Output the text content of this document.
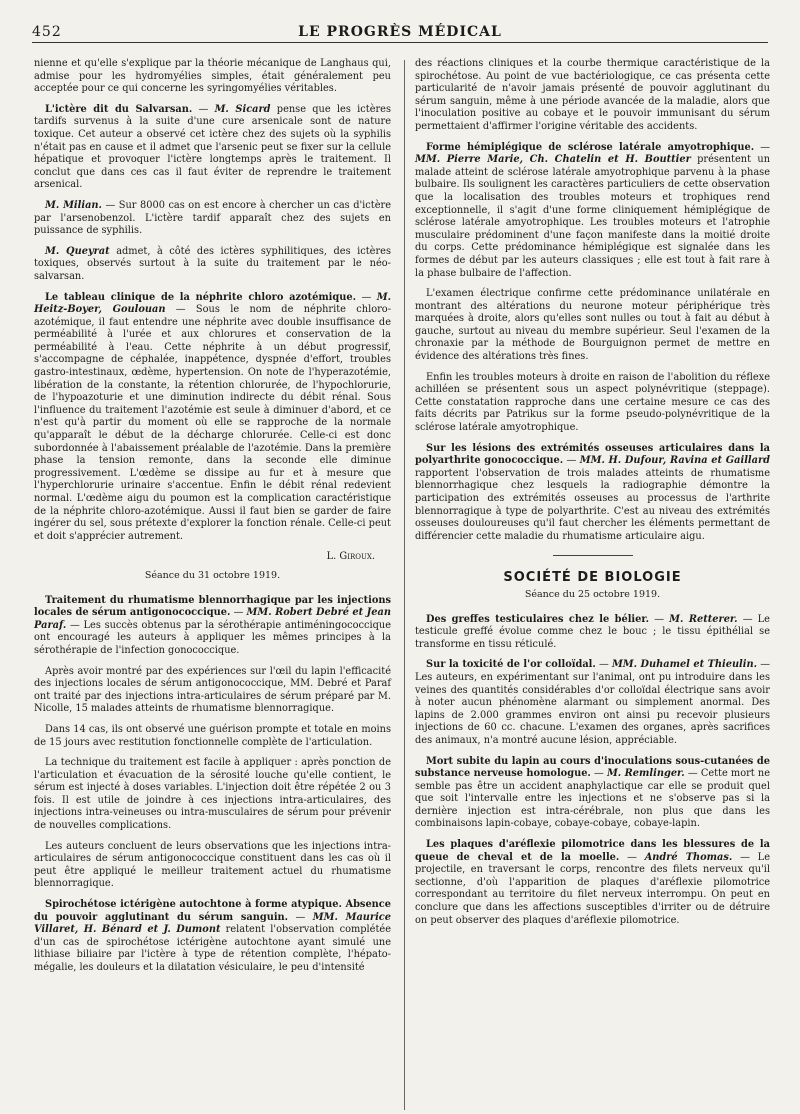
452	LE PROGRÈS MÉDICAL

nienne et qu'elle s'explique par la théorie mécanique de Langhaus qui, admise pour les hydromyélies simples, était généralement peu acceptée pour ce qui concerne les syringomyélies véritables.

L'ictère dit du Salvarsan. — M. Sicard pense que les ictères tardifs survenus à la suite d'une cure arsenicale sont de nature toxique. Cet auteur a observé cet ictère chez des sujets où la syphilis n'était pas en cause et il admet que l'arsenic peut se fixer sur la cellule hépatique et provoquer l'ictère longtemps après le traitement. Il conclut que dans ces cas il faut éviter de reprendre le traitement arsenical.

M. Milian. — Sur 8000 cas on est encore à chercher un cas d'ictère par l'arsenobenzol. L'ictère tardif apparaît chez des sujets en puissance de syphilis.

M. Queyrat admet, à côté des ictères syphilitiques, des ictères toxiques, observés surtout à la suite du traitement par le néo-salvarsan.

Le tableau clinique de la néphrite chloro azotémique. — M. Heitz-Boyer, Goulouan — Sous le nom de néphrite chloro-azotémique, il faut entendre une néphrite avec double insuffisance de perméabilité à l'urée et aux chlorures et conservation de la perméabilité à l'eau. Cette néphrite à un début progressif, s'accompagne de céphalée, inappétence, dyspnée d'effort, troubles gastro-intestinaux, œdème, hypertension. On note de l'hyperazotémie, libération de la constante, la rétention chlorurée, de l'hypochlorurie, de l'hypoazoturie et une diminution indirecte du débit rénal. Sous l'influence du traitement l'azotémie est seule à diminuer d'abord, et ce n'est qu'à partir du moment où elle se rapproche de la normale qu'apparaît le début de la décharge chlorurée. Celle-ci est donc subordonnée à l'abaissement préalable de l'azotémie. Dans la première phase la tension remonte, dans la seconde elle diminue progressivement. L'œdème se dissipe au fur et à mesure que l'hyperchlorurie urinaire s'accentue. Enfin le débit rénal redevient normal. L'œdème aigu du poumon est la complication caractéristique de la néphrite chloro-azotémique. Aussi il faut bien se garder de faire ingérer du sel, sous prétexte d'explorer la fonction rénale. Celle-ci peut et doit s'apprécier autrement.

L. Giroux.

Séance du 31 octobre 1919.

Traitement du rhumatisme blennorrhagique par les injections locales de sérum antigonococcique. — MM. Robert Debré et Jean Paraf. — Les succès obtenus par la sérothérapie antiméningococcique ont encouragé les auteurs à appliquer les mêmes principes à la sérothérapie de l'infection gonococcique.

Après avoir montré par des expériences sur l'œil du lapin l'efficacité des injections locales de sérum antigonococcique, MM. Debré et Paraf ont traité par des injections intra-articulaires de sérum préparé par M. Nicolle, 15 malades atteints de rhumatisme blennorragique.

Dans 14 cas, ils ont observé une guérison prompte et totale en moins de 15 jours avec restitution fonctionnelle complète de l'articulation.

La technique du traitement est facile à appliquer : après ponction de l'articulation et évacuation de la sérosité louche qu'elle contient, le sérum est injecté à doses variables. L'injection doit être répétée 2 ou 3 fois. Il est utile de joindre à ces injections intra-articulaires, des injections intra-veineuses ou intra-musculaires de sérum pour prévenir de nouvelles complications.

Les auteurs concluent de leurs observations que les injections intra-articulaires de sérum antigonococcique constituent dans les cas où il peut être appliqué le meilleur traitement actuel du rhumatisme blennorragique.

Spirochétose ictérigène autochtone à forme atypique. Absence du pouvoir agglutinant du sérum sanguin. — MM. Maurice Villaret, H. Bénard et J. Dumont relatent l'observation complétée d'un cas de spirochétose ictérigène autochtone ayant simulé une lithiase biliaire par l'ictère à type de rétention complète, l'hépato-mégalie, les douleurs et la dilatation vésiculaire, le peu d'intensité

des réactions cliniques et la courbe thermique caractéristique de la spirochétose. Au point de vue bactériologique, ce cas présenta cette particularité de n'avoir jamais présenté de pouvoir agglutinant du sérum sanguin, même à une période avancée de la maladie, alors que l'inoculation positive au cobaye et le pouvoir immunisant du sérum permettaient d'affirmer l'origine véritable des accidents.

Forme hémiplégique de sclérose latérale amyotrophique. — MM. Pierre Marie, Ch. Chatelin et H. Bouttier présentent un malade atteint de sclérose latérale amyotrophique parvenu à la phase bulbaire. Ils soulignent les caractères particuliers de cette observation que la localisation des troubles moteurs et trophiques rend exceptionnelle, il s'agit d'une forme cliniquement hémiplégique de sclérose latérale amyotrophique. Les troubles moteurs et l'atrophie musculaire prédominent d'une façon manifeste dans la moitié droite du corps. Cette prédominance hémiplégique est signalée dans les formes de début par les auteurs classiques ; elle est tout à fait rare à la phase bulbaire de l'affection.

L'examen électrique confirme cette prédominance unilatérale en montrant des altérations du neurone moteur périphérique très marquées à droite, alors qu'elles sont nulles ou tout à fait au début à gauche, surtout au niveau du membre supérieur. Seul l'examen de la chronaxie par la méthode de Bourguignon permet de mettre en évidence des altérations très fines.

Enfin les troubles moteurs à droite en raison de l'abolition du réflexe achilléen se présentent sous un aspect polynévritique (steppage). Cette constatation rapproche dans une certaine mesure ce cas des faits décrits par Patrikus sur la forme pseudo-polynévritique de la sclérose latérale amyotrophique.

Sur les lésions des extrémités osseuses articulaires dans la polyarthrite gonococcique. — MM. H. Dufour, Ravina et Gaillard rapportent l'observation de trois malades atteints de rhumatisme blennorrhagique chez lesquels la radiographie démontre la participation des extrémités osseuses au processus de l'arthrite blennorragique à type de polyarthrite. C'est au niveau des extrémités osseuses douloureuses qu'il faut chercher les éléments permettant de différencier cette maladie du rhumatisme articulaire aigu.

SOCIÉTÉ DE BIOLOGIE
Séance du 25 octobre 1919.

Des greffes testiculaires chez le bélier. — M. Retterer. — Le testicule greffé évolue comme chez le bouc ; le tissu épithélial se transforme en tissu réticulé.

Sur la toxicité de l'or colloïdal. — MM. Duhamel et Thieulin. — Les auteurs, en expérimentant sur l'animal, ont pu introduire dans les veines des quantités considérables d'or colloïdal électrique sans avoir à noter aucun phénomène alarmant ou simplement anormal. Des lapins de 2.000 grammes environ ont ainsi pu recevoir plusieurs injections de 60 cc. chacune. L'examen des organes, après sacrifices des animaux, n'a montré aucune lésion, appréciable.

Mort subite du lapin au cours d'inoculations sous-cutanées de substance nerveuse homologue. — M. Remlinger. — Cette mort ne semble pas être un accident anaphylactique car elle se produit quel que soit l'intervalle entre les injections et ne s'observe pas si la dernière injection est intra-cérébrale, non plus que dans les combinaisons lapin-cobaye, cobaye-cobaye, cobaye-lapin.

Les plaques d'aréflexie pilomotrice dans les blessures de la queue de cheval et de la moelle. — André Thomas. — Le projectile, en traversant le corps, rencontre des filets nerveux qu'il sectionne, d'où l'apparition de plaques d'aréflexie pilomotrice correspondant au territoire du filet nerveux interrompu. On peut en conclure que dans les affections susceptibles d'irriter ou de détruire on peut observer des plaques d'aréflexie pilomotrice.
